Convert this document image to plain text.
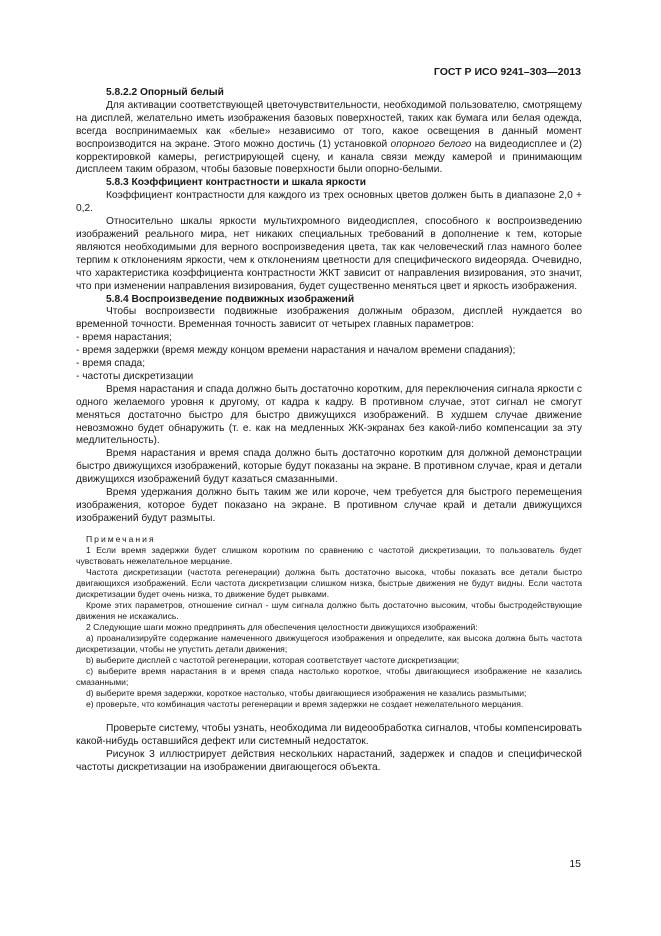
ГОСТ Р ИСО 9241–303—2013

5.8.2.2 Опорный белый

Для активации соответствующей цветочувствительности, необходимой пользователю, смотрящему на дисплей, желательно иметь изображения базовых поверхностей, таких как бумага или белая одежда, всегда воспринимаемых как «белые» независимо от того, какое освещения в данный момент воспроизводится на экране. Этого можно достичь (1) установкой опорного белого на видеодисплее и (2) корректировкой камеры, регистрирующей сцену, и канала связи между камерой и принимающим дисплеем таким образом, чтобы базовые поверхности были опорно-белыми.

5.8.3 Коэффициент контрастности и шкала яркости

Коэффициент контрастности для каждого из трех основных цветов должен быть в диапазоне 2,0 + 0,2.

Относительно шкалы яркости мультихромного видеодисплея, способного к воспроизведению изображений реального мира, нет никаких специальных требований в дополнение к тем, которые являются необходимыми для верного воспроизведения цвета, так как человеческий глаз намного более терпим к отклонениям яркости, чем к отклонениям цветности для специфического видеоряда. Очевидно, что характеристика коэффициента контрастности ЖКТ зависит от направления визирования, это значит, что при изменении направления визирования, будет существенно меняться цвет и яркость изображения.

5.8.4 Воспроизведение подвижных изображений

Чтобы воспроизвести подвижные изображения должным образом, дисплей нуждается во временной точности. Временная точность зависит от четырех главных параметров:

- время нарастания;

- время задержки (время между концом времени нарастания и началом времени спадания);

- время спада;

- частоты дискретизации

Время нарастания и спада должно быть достаточно коротким, для переключения сигнала яркости с одного желаемого уровня к другому, от кадра к кадру. В противном случае, этот сигнал не смогут меняться достаточно быстро для быстро движущихся изображений. В худшем случае движение невозможно будет обнаружить (т. е. как на медленных ЖК-экранах без какой-либо компенсации за эту медлительность).

Время нарастания и время спада должно быть достаточно коротким для должной демонстрации быстро движущихся изображений, которые будут показаны на экране. В противном случае, края и детали движущихся изображений будут казаться смазанными.

Время удержания должно быть таким же или короче, чем требуется для быстрого перемещения изображения, которое будет показано на экране. В противном случае край и детали движущихся изображений будут размыты.

Примечания

1 Если время задержки будет слишком коротким по сравнению с частотой дискретизации, то пользователь будет чувствовать нежелательное мерцание.

Частота дискретизации (частота регенерации) должна быть достаточно высока, чтобы показать все детали быстро двигающихся изображений. Если частота дискретизации слишком низка, быстрые движения не будут видны. Если частота дискретизации будет очень низка, то движение будет рывками.

Кроме этих параметров, отношение сигнал - шум сигнала должно быть достаточно высоким, чтобы быстродействующие движения не искажались.

2 Следующие шаги можно предпринять для обеспечения целостности движущихся изображений:

a) проанализируйте содержание намеченного движущегося изображения и определите, как высока должна быть частота дискретизации, чтобы не упустить детали движения;

b) выберите дисплей с частотой регенерации, которая соответствует частоте дискретизации;

c) выберите время нарастания в и время спада настолько короткое, чтобы двигающиеся изображение не казались смазанными;

d) выберите время задержки, короткое настолько, чтобы двигающиеся изображения не казались размытыми;

e) проверьте, что комбинация частоты регенерации и время задержки не создает нежелательного мерцания.

Проверьте систему, чтобы узнать, необходима ли видеообработка сигналов, чтобы компенсировать какой-нибудь оставшийся дефект или системный недостаток.

Рисунок 3 иллюстрирует действия нескольких нарастаний, задержек и спадов и специфической частоты дискретизации на изображении двигающегося объекта.

15
